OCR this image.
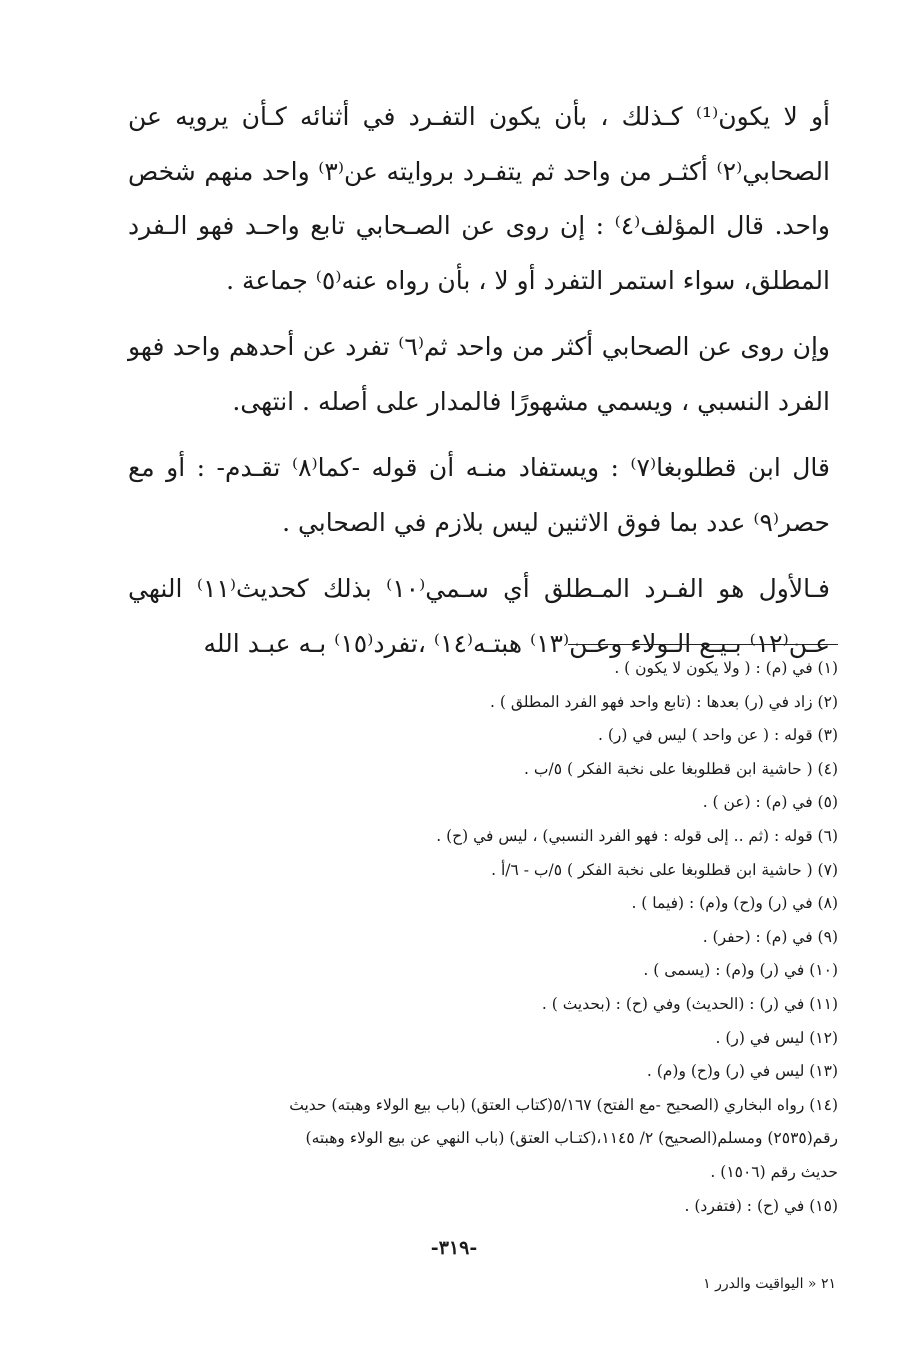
أو لا يكون⁽¹⁾ كـذلك ، بأن يكون التفـرد في أثنائه كـأن يرويه عن الصحابي⁽٢⁾ أكثـر من واحد ثم يتفـرد بروايته عن⁽٣⁾ واحد منهم شخص واحد. قال المؤلف⁽٤⁾ : إن روى عن الصـحابي تابع واحـد فهو الـفرد المطلق، سواء استمر التفرد أو لا ، بأن رواه عنه⁽٥⁾ جماعة .

وإن روى عن الصحابي أكثر من واحد ثم⁽٦⁾ تفرد عن أحدهم واحد فهو الفرد النسبي ، ويسمي مشهورًا فالمدار على أصله . انتهى.

قال ابن قطلوبغا⁽٧⁾ : ويستفاد منـه أن قوله -كما⁽٨⁾ تقـدم- : أو مع حصر⁽٩⁾ عدد بما فوق الاثنين ليس بلازم في الصحابي .

فـالأول هو الفـرد المـطلق أي سـمي⁽١٠⁾ بذلك كحديث⁽١١⁾ النهي عـن⁽١٢⁾ بـيـع الـولاء وعـن⁽١٣⁾ هبتـه⁽١٤⁾ ،تفرد⁽١٥⁾ بـه عبـد الله

(١) في (م) : ( ولا يكون لا يكون ) .

(٢) زاد في (ر) بعدها : (تابع واحد فهو الفرد المطلق ) .

(٣) قوله : ( عن واحد ) ليس في (ر) .

(٤) ( حاشية ابن قطلوبغا على نخبة الفكر ) ٥/ب .

(٥) في (م) : (عن ) .

(٦) قوله : (ثم .. إلى قوله : فهو الفرد النسبي) ، ليس في (ح) .

(٧) ( حاشية ابن قطلوبغا على نخبة الفكر ) ٥/ب - ٦/أ .

(٨) في (ر) و(ح) و(م) : (فيما ) .

(٩) في (م) : (حفر) .

(١٠) في (ر) و(م) : (يسمى ) .

(١١) في (ر) : (الحديث) وفي (ح) : (بحديث ) .

(١٢) ليس في (ر) .

(١٣) ليس في (ر) و(ح) و(م) .

(١٤) رواه البخاري (الصحيح -مع الفتح) ٥/١٦٧(كتاب العتق) (باب بيع الولاء وهبته) حديث
رقم(٢٥٣٥) ومسلم(الصحيح) ٢/ ١١٤٥،(كتـاب العتق) (باب النهي عن بيع الولاء وهبته)
حديث رقم (١٥٠٦) .

(١٥) في (ح) : (فتفرد) .

-٣١٩-
٢١ « اليواقيت والدرر ١
